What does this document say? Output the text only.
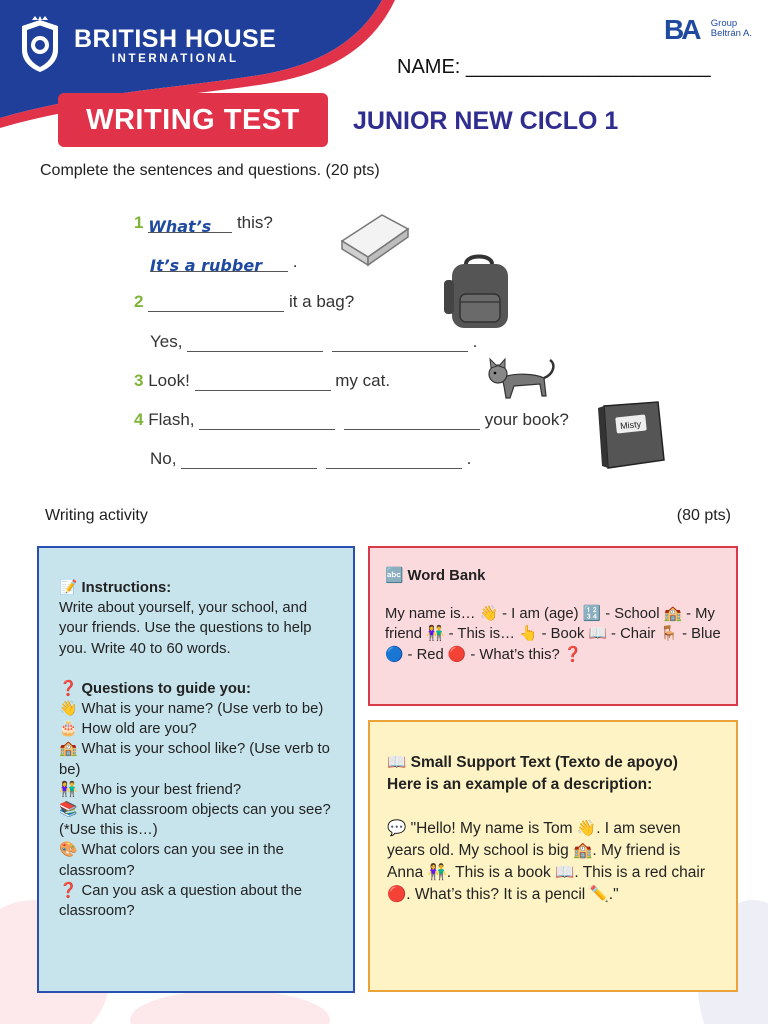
BRITISH HOUSE
INTERNATIONAL
BA Group
Beltrán A.
NAME: ______________________
WRITING TEST	JUNIOR NEW CICLO 1
Complete the sentences and questions. (20 pts)
1 What’s this?
It’s a rubber .
2	it a bag?
Yes,	.
3 Look!	my cat.
4 Flash,	your book?
No,	.
Misty
Writing activity	(80 pts)
📝 Instructions:
Write about yourself, your school, and your friends. Use the questions to help you. Write 40 to 60 words.
❓ Questions to guide you:
👋 What is your name? (Use verb to be)
🎂 How old are you?
🏫 What is your school like? (Use verb to be)
👫 Who is your best friend?
📚 What classroom objects can you see? (*Use this is…)
🎨 What colors can you see in the classroom?
❓ Can you ask a question about the classroom?
🔤 Word Bank
My name is… 👋 - I am (age) 🔢 - School 🏫 - My friend 👫 - This is… 👆 - Book 📖 - Chair 🪑 - Blue 🔵 - Red 🔴 - What’s this? ❓
📖 Small Support Text (Texto de apoyo)
Here is an example of a description:
💬 "Hello! My name is Tom 👋. I am seven years old. My school is big 🏫. My friend is Anna 👫. This is a book 📖. This is a red chair 🔴. What’s this? It is a pencil ✏️."
